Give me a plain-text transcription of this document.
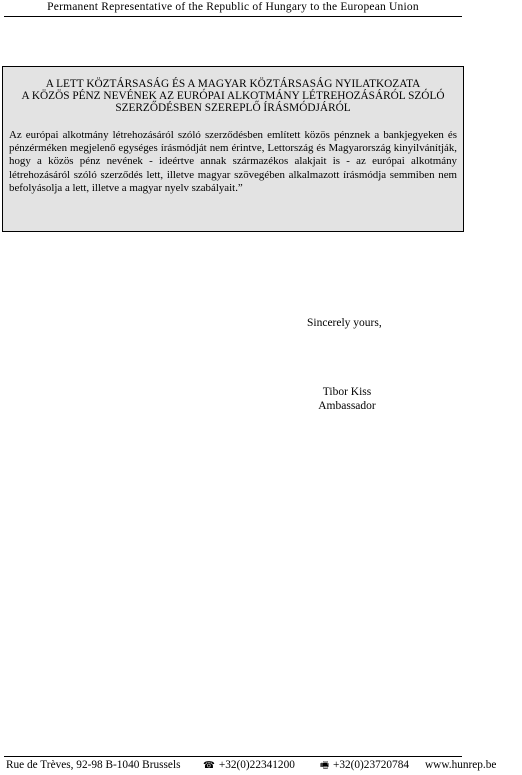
Permanent Representative of the Republic of Hungary to the European Union
A LETT KÖZTÁRSASÁG ÉS A MAGYAR KÖZTÁRSASÁG NYILATKOZATA
A KÖZÖS PÉNZ NEVÉNEK AZ EURÓPAI ALKOTMÁNY LÉTREHOZÁSÁRÓL SZÓLÓ
SZERZŐDÉSBEN SZEREPLŐ ÍRÁSMÓDJÁRÓL

Az európai alkotmány létrehozásáról szóló szerződésben említett közös pénznek a bankjegyeken és pénzérméken megjelenő egységes írásmódját nem érintve, Lettország és Magyarország kinyilvánítják, hogy a közös pénz nevének - ideértve annak származékos alakjait is - az európai alkotmány létrehozásáról szóló szerződés lett, illetve magyar szövegében alkalmazott írásmódja semmiben nem befolyásolja a lett, illetve a magyar nyelv szabályait.”

Sincerely yours,
Tibor Kiss
Ambassador
Rue de Trèves, 92-98 B-1040 Brussels ☎ +32(0)22341200	🖷 +32(0)23720784 www.hunrep.be
